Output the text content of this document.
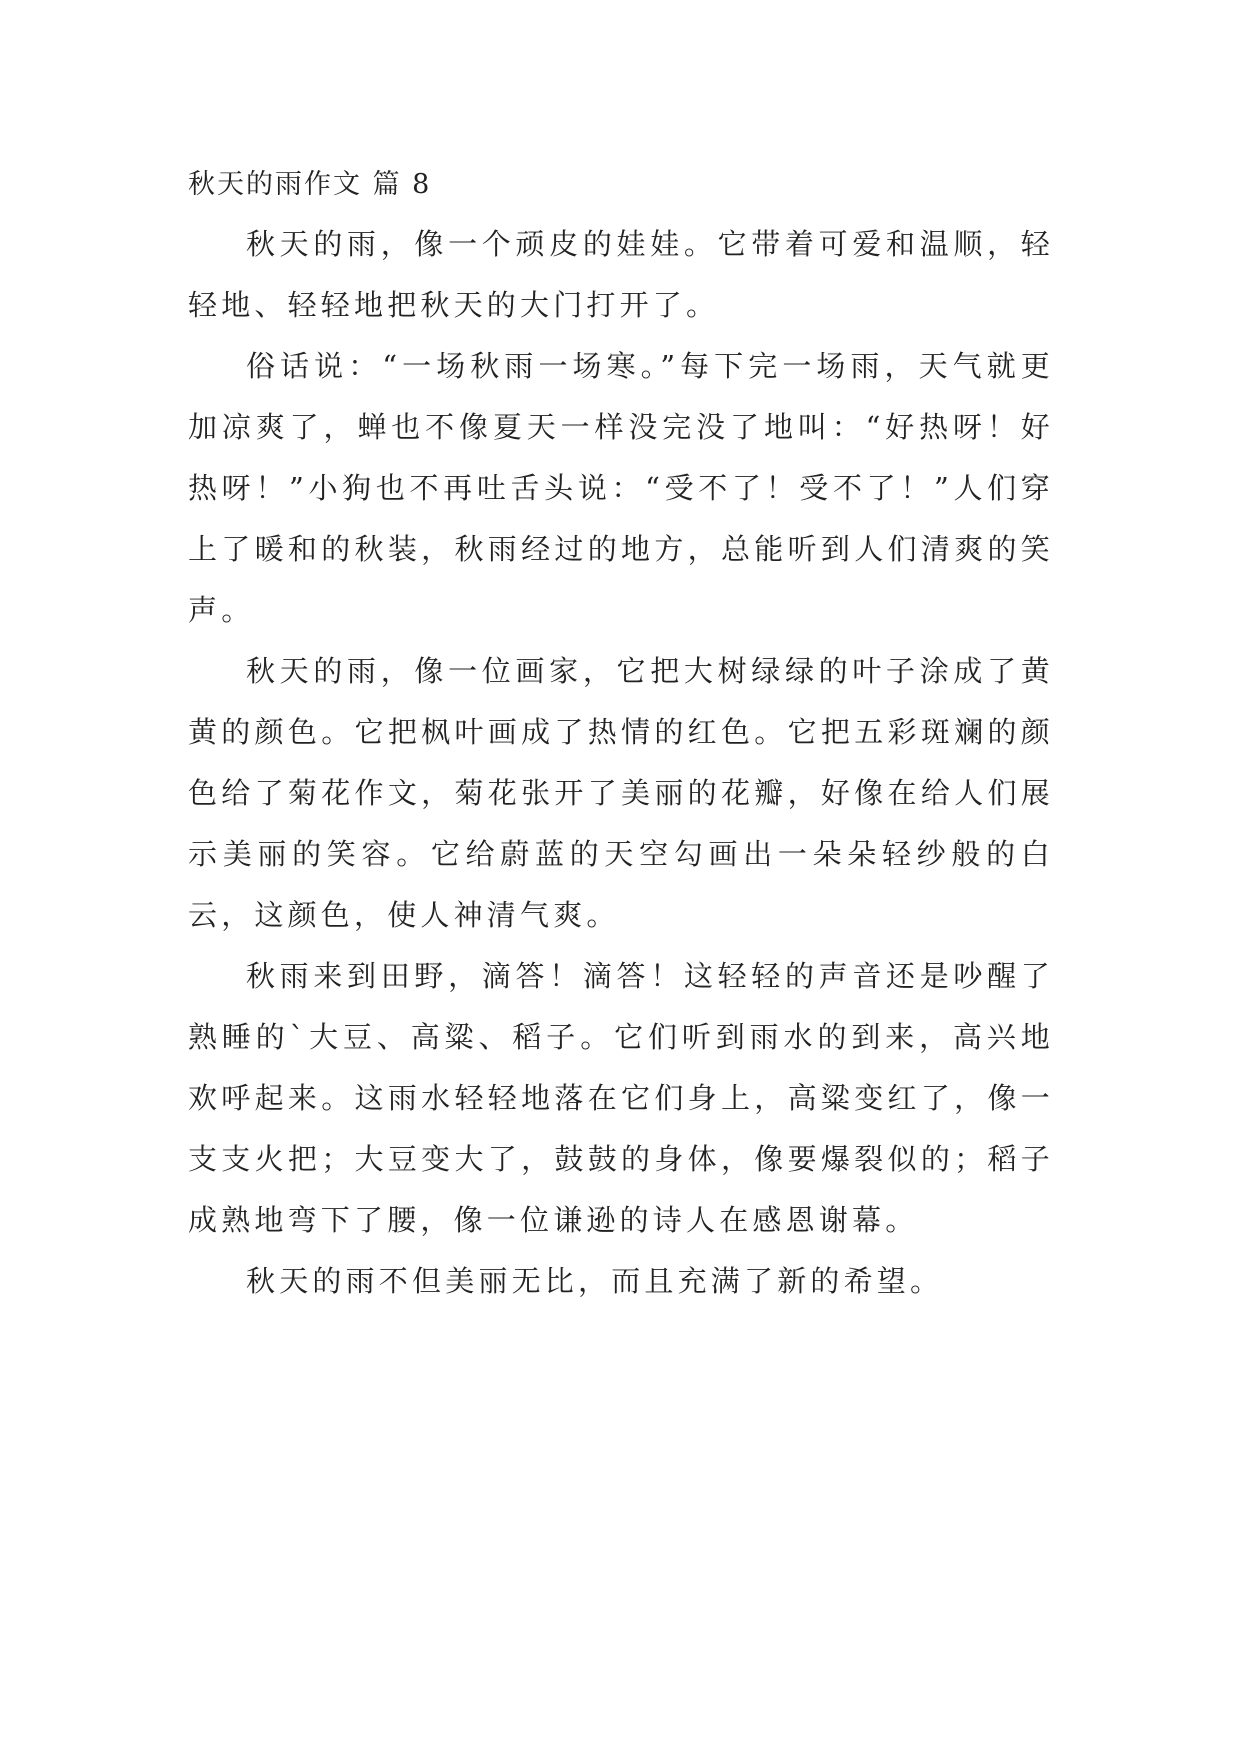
秋天的雨作文 篇 8

秋天的雨，像一个顽皮的娃娃。它带着可爱和温顺，轻轻地、轻轻地把秋天的大门打开了。

俗话说：“一场秋雨一场寒。”每下完一场雨，天气就更加凉爽了，蝉也不像夏天一样没完没了地叫：“好热呀！好热呀！”小狗也不再吐舌头说：“受不了！受不了！”人们穿上了暖和的秋装，秋雨经过的地方，总能听到人们清爽的笑声。

秋天的雨，像一位画家，它把大树绿绿的叶子涂成了黄黄的颜色。它把枫叶画成了热情的红色。它把五彩斑斓的颜色给了菊花作文，菊花张开了美丽的花瓣，好像在给人们展示美丽的笑容。它给蔚蓝的天空勾画出一朵朵轻纱般的白云，这颜色，使人神清气爽。

秋雨来到田野，滴答！滴答！这轻轻的声音还是吵醒了熟睡的`大豆、高粱、稻子。它们听到雨水的到来，高兴地欢呼起来。这雨水轻轻地落在它们身上，高粱变红了，像一支支火把；大豆变大了，鼓鼓的身体，像要爆裂似的；稻子成熟地弯下了腰，像一位谦逊的诗人在感恩谢幕。

秋天的雨不但美丽无比，而且充满了新的希望。
